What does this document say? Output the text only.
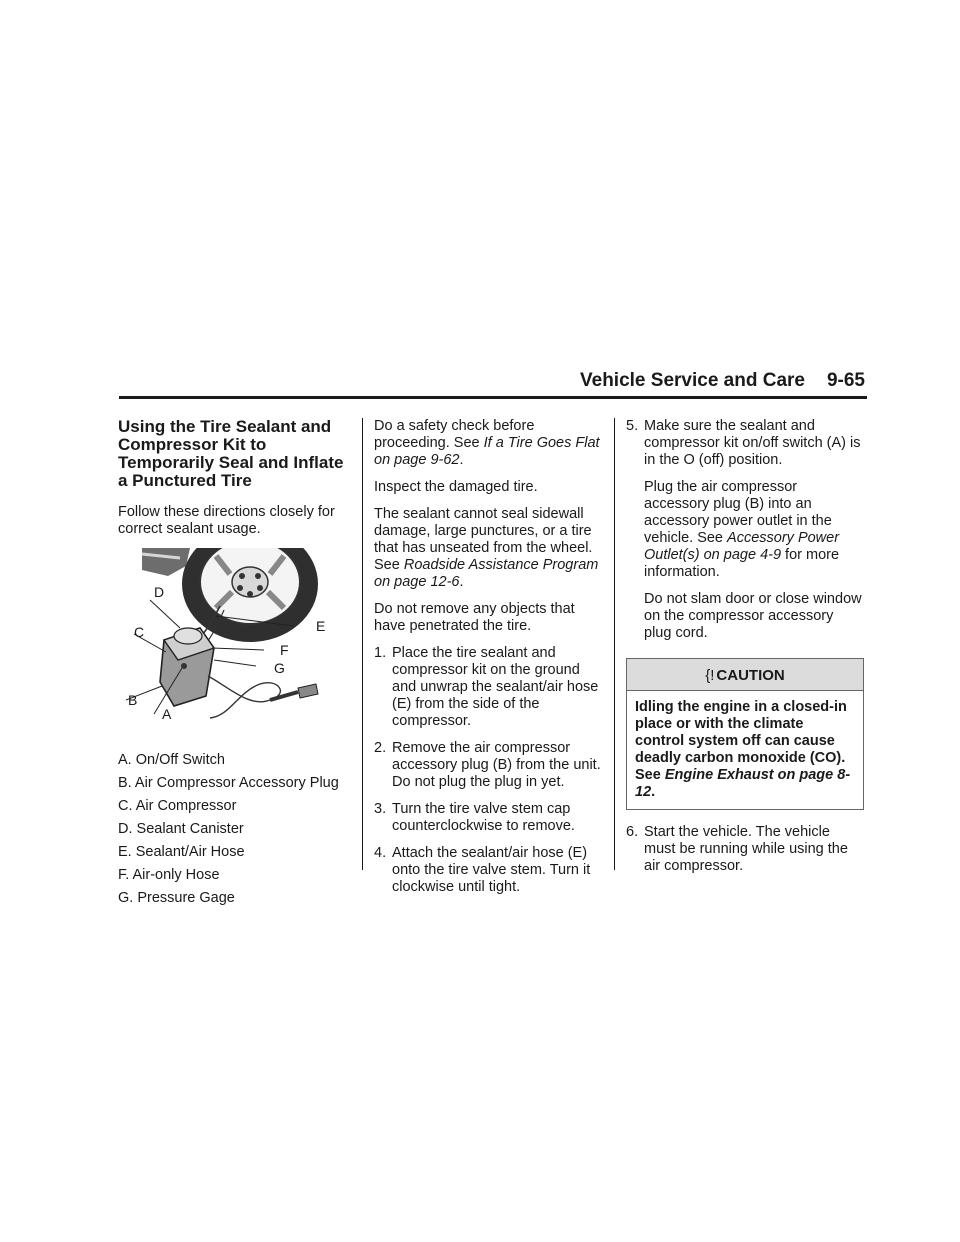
Vehicle Service and Care 9-65
Using the Tire Sealant and Compressor Kit to Temporarily Seal and Inflate a Punctured Tire

Follow these directions closely for correct sealant usage.

D
C
B
A
E
F
G

A. On/Off Switch

B. Air Compressor Accessory Plug

C. Air Compressor

D. Sealant Canister

E. Sealant/Air Hose

F. Air-only Hose

G. Pressure Gage

Do a safety check before proceeding. See If a Tire Goes Flat on page 9-62.

Inspect the damaged tire.

The sealant cannot seal sidewall damage, large punctures, or a tire that has unseated from the wheel. See Roadside Assistance Program on page 12-6.

Do not remove any objects that have penetrated the tire.

1. Place the tire sealant and compressor kit on the ground and unwrap the sealant/air hose (E) from the side of the compressor.
2. Remove the air compressor accessory plug (B) from the unit. Do not plug the plug in yet.
3. Turn the tire valve stem cap counterclockwise to remove.
4. Attach the sealant/air hose (E) onto the tire valve stem. Turn it clockwise until tight.
5. Make sure the sealant and compressor kit on/off switch (A) is in the O (off) position.

Plug the air compressor accessory plug (B) into an accessory power outlet in the vehicle. See Accessory Power Outlet(s) on page 4-9 for more information.

Do not slam door or close window on the compressor accessory plug cord.

{! CAUTION
Idling the engine in a closed-in place or with the climate control system off can cause deadly carbon monoxide (CO). See Engine Exhaust on page 8-12.
6. Start the vehicle. The vehicle must be running while using the air compressor.
